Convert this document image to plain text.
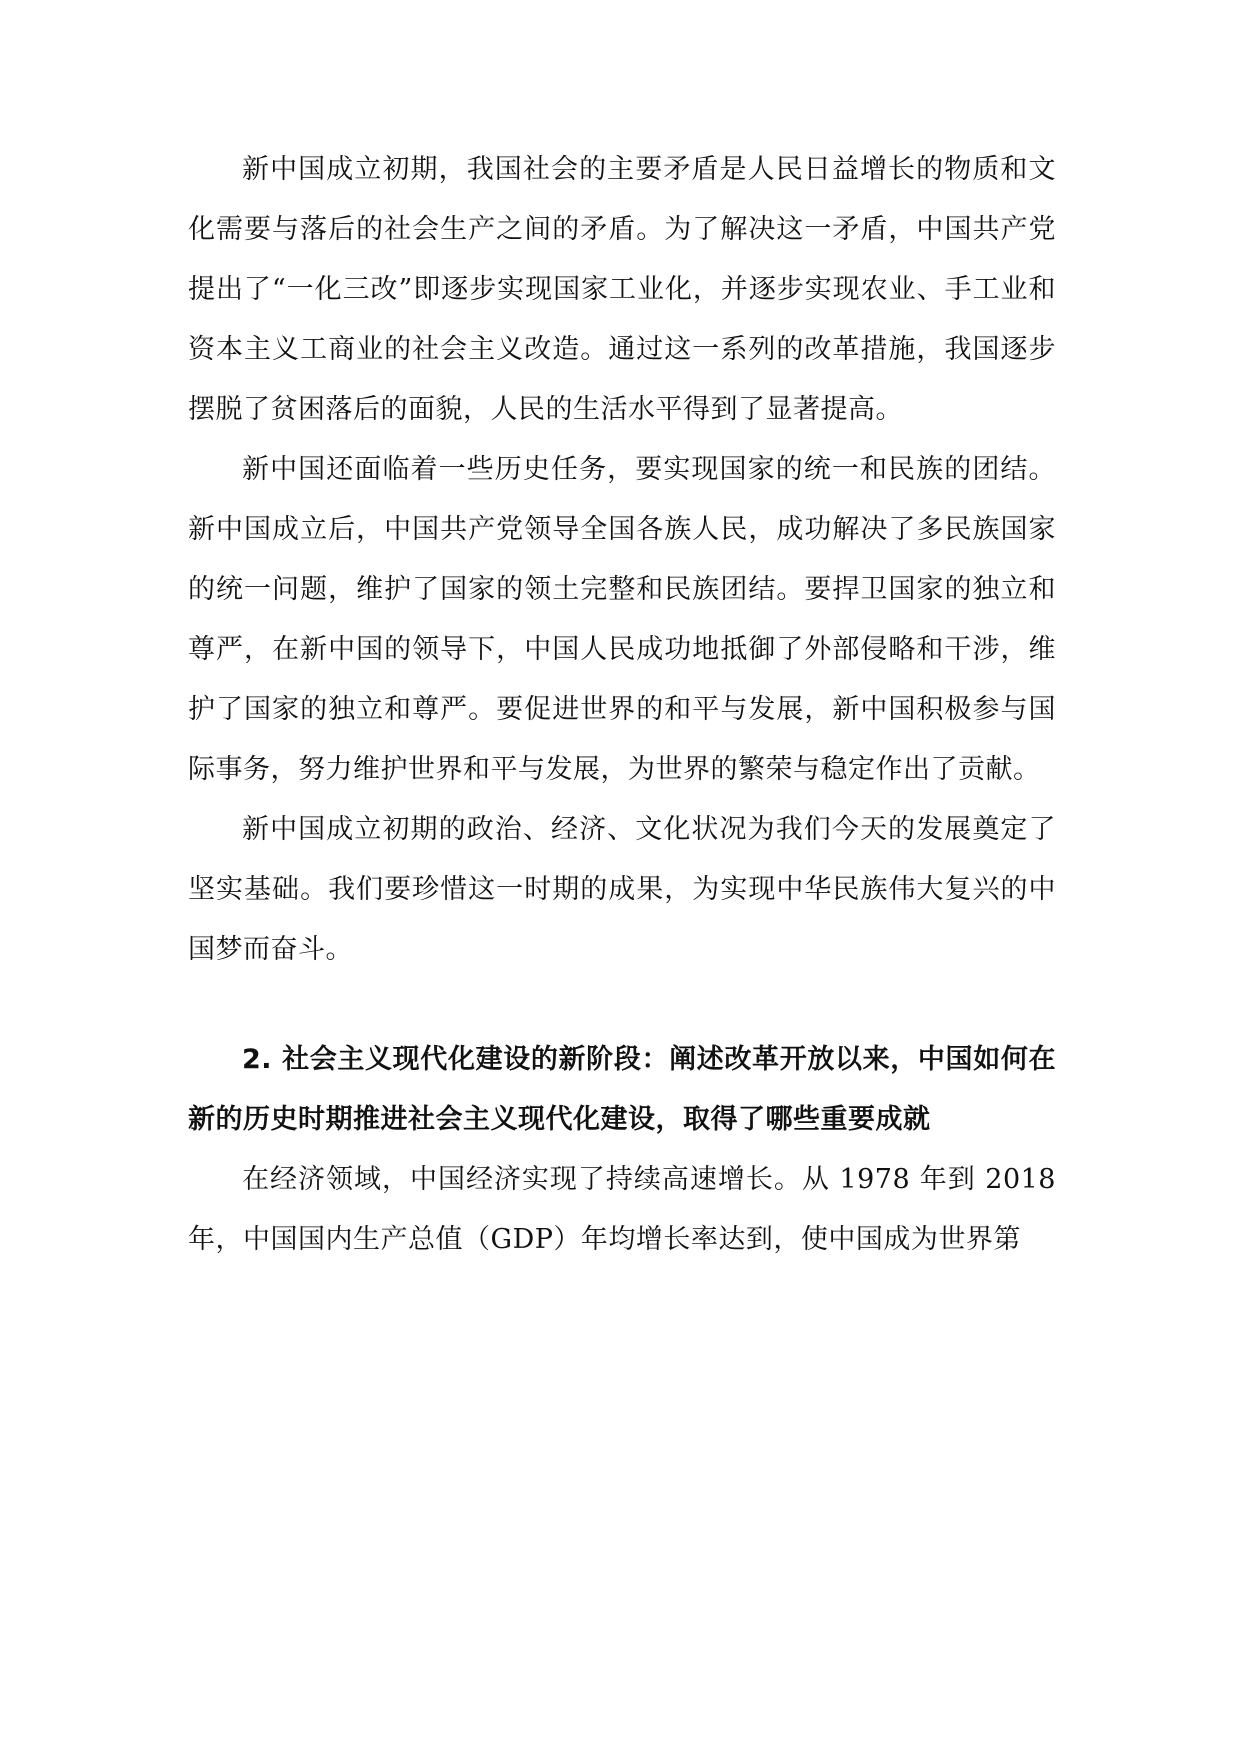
新中国成立初期，我国社会的主要矛盾是人民日益增长的物质和文化需要与落后的社会生产之间的矛盾。为了解决这一矛盾，中国共产党提出了“一化三改”即逐步实现国家工业化，并逐步实现农业、手工业和资本主义工商业的社会主义改造。通过这一系列的改革措施，我国逐步摆脱了贫困落后的面貌，人民的生活水平得到了显著提高。

新中国还面临着一些历史任务，要实现国家的统一和民族的团结。新中国成立后，中国共产党领导全国各族人民，成功解决了多民族国家的统一问题，维护了国家的领土完整和民族团结。要捍卫国家的独立和尊严，在新中国的领导下，中国人民成功地抵御了外部侵略和干涉，维护了国家的独立和尊严。要促进世界的和平与发展，新中国积极参与国际事务，努力维护世界和平与发展，为世界的繁荣与稳定作出了贡献。

新中国成立初期的政治、经济、文化状况为我们今天的发展奠定了坚实基础。我们要珍惜这一时期的成果，为实现中华民族伟大复兴的中国梦而奋斗。

2. 社会主义现代化建设的新阶段：阐述改革开放以来，中国如何在新的历史时期推进社会主义现代化建设，取得了哪些重要成就

在经济领域，中国经济实现了持续高速增长。从 1978 年到 2018 年，中国国内生产总值（GDP）年均增长率达到，使中国成为世界第
